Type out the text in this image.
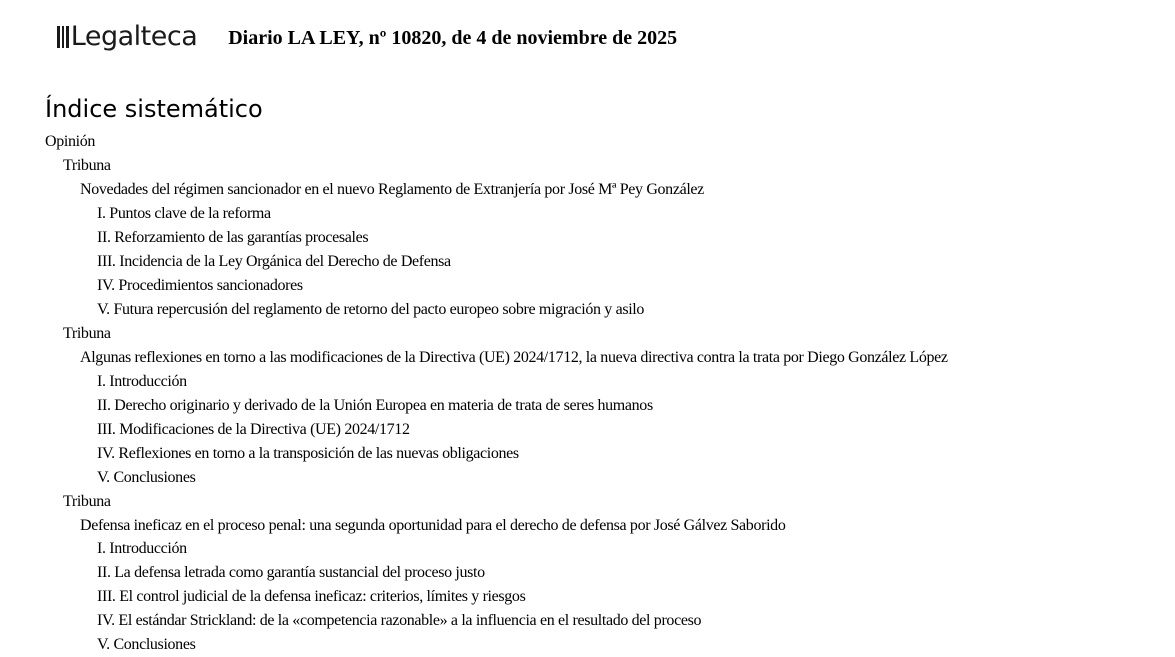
Legalteca Diario LA LEY, nº 10820, de 4 de noviembre de 2025
Índice sistemático
Opinión
Tribuna
Novedades del régimen sancionador en el nuevo Reglamento de Extranjería por José Mª Pey González
I. Puntos clave de la reforma
II. Reforzamiento de las garantías procesales
III. Incidencia de la Ley Orgánica del Derecho de Defensa
IV. Procedimientos sancionadores
V. Futura repercusión del reglamento de retorno del pacto europeo sobre migración y asilo
Tribuna
Algunas reflexiones en torno a las modificaciones de la Directiva (UE) 2024/1712, la nueva directiva contra la trata por Diego González López
I. Introducción
II. Derecho originario y derivado de la Unión Europea en materia de trata de seres humanos
III. Modificaciones de la Directiva (UE) 2024/1712
IV. Reflexiones en torno a la transposición de las nuevas obligaciones
V. Conclusiones
Tribuna
Defensa ineficaz en el proceso penal: una segunda oportunidad para el derecho de defensa por José Gálvez Saborido
I. Introducción
II. La defensa letrada como garantía sustancial del proceso justo
III. El control judicial de la defensa ineficaz: criterios, límites y riesgos
IV. El estándar Strickland: de la «competencia razonable» a la influencia en el resultado del proceso
V. Conclusiones
